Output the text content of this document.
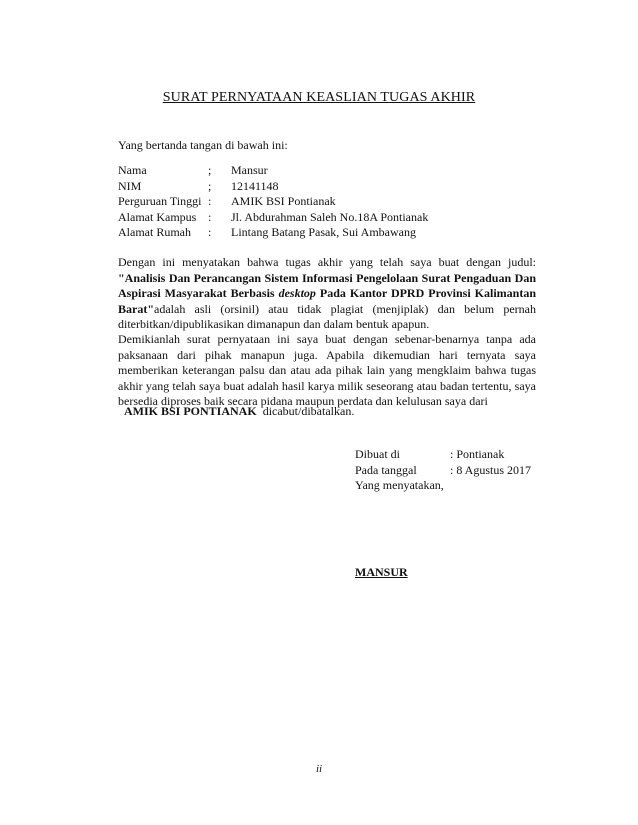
SURAT PERNYATAAN KEASLIAN TUGAS AKHIR
Yang bertanda tangan di bawah ini:
Nama	;	Mansur
NIM	;	12141148
Perguruan Tinggi	:	AMIK BSI Pontianak
Alamat Kampus	:	Jl. Abdurahman Saleh No.18A Pontianak
Alamat Rumah	:	Lintang Batang Pasak, Sui Ambawang
Dengan ini menyatakan bahwa tugas akhir yang telah saya buat dengan judul: "Analisis Dan Perancangan Sistem Informasi Pengelolaan Surat Pengaduan Dan Aspirasi Masyarakat Berbasis desktop Pada Kantor DPRD Provinsi Kalimantan Barat"adalah asli (orsinil) atau tidak plagiat (menjiplak) dan belum pernah diterbitkan/dipublikasikan dimanapun dan dalam bentuk apapun.
Demikianlah surat pernyataan ini saya buat dengan sebenar-benarnya tanpa ada paksanaan dari pihak manapun juga. Apabila dikemudian hari ternyata saya memberikan keterangan palsu dan atau ada pihak lain yang mengklaim bahwa tugas akhir yang telah saya buat adalah hasil karya milik seseorang atau badan tertentu, saya bersedia diproses baik secara pidana maupun perdata dan kelulusan saya dari
AMIK BSI PONTIANAK  dicabut/dibatalkan.
Dibuat di	: Pontianak
Pada tanggal	: 8 Agustus 2017
Yang menyatakan,	
MANSUR
ii
